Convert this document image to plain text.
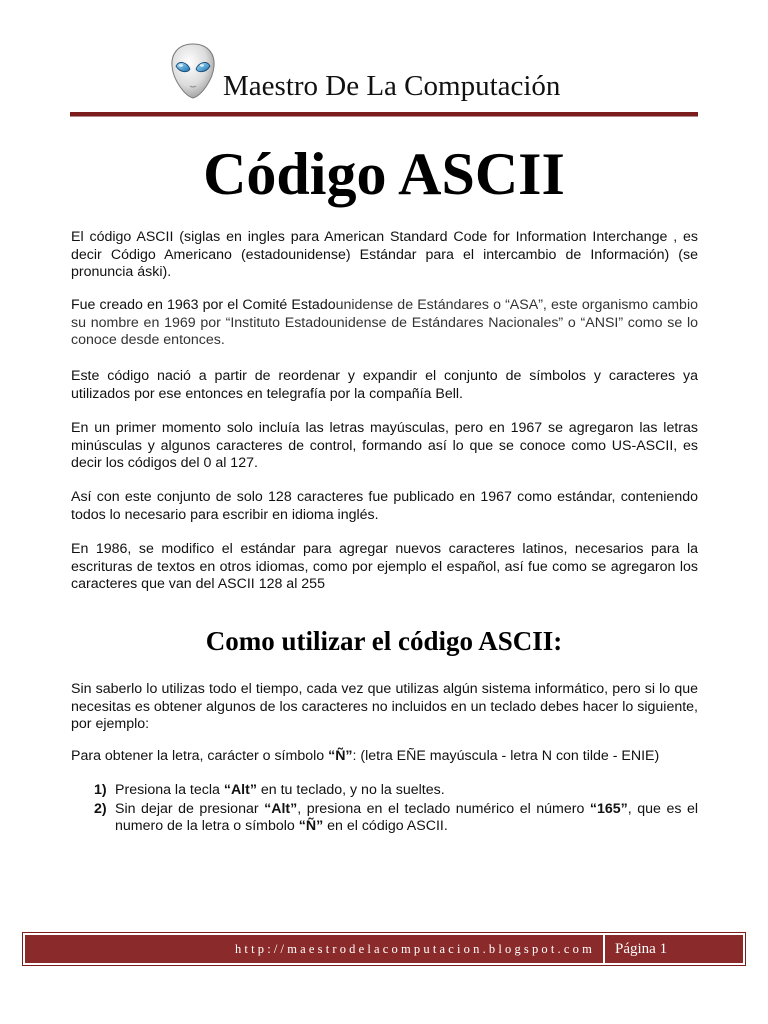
Maestro De La Computación
Código ASCII

El código ASCII (siglas en ingles para American Standard Code for Information Interchange , es decir Código Americano (estadounidense) Estándar para el intercambio de Información) (se pronuncia áski).

Fue creado en 1963 por el Comité Estadounidense de Estándares o “ASA”, este organismo cambio su nombre en 1969 por “Instituto Estadounidense de Estándares Nacionales” o “ANSI” como se lo conoce desde entonces.

Este código nació a partir de reordenar y expandir el conjunto de símbolos y caracteres ya utilizados por ese entonces en telegrafía por la compañía Bell.

En un primer momento solo incluía las letras mayúsculas, pero en 1967 se agregaron las letras minúsculas y algunos caracteres de control, formando así lo que se conoce como US-ASCII, es decir los códigos del 0 al 127.

Así con este conjunto de solo 128 caracteres fue publicado en 1967 como estándar, conteniendo todos lo necesario para escribir en idioma inglés.

En 1986, se modifico el estándar para agregar nuevos caracteres latinos, necesarios para la escrituras de textos en otros idiomas, como por ejemplo el español, así fue como se agregaron los caracteres que van del ASCII 128 al 255

Como utilizar el código ASCII:

Sin saberlo lo utilizas todo el tiempo, cada vez que utilizas algún sistema informático, pero si lo que necesitas es obtener algunos de los caracteres no incluidos en un teclado debes hacer lo siguiente, por ejemplo:

Para obtener la letra, carácter o símbolo “Ñ”: (letra EÑE mayúscula - letra N con tilde - ENIE)

1) Presiona la tecla “Alt” en tu teclado, y no la sueltes.
2) Sin dejar de presionar “Alt”, presiona en el teclado numérico el número “165”, que es el numero de la letra o símbolo “Ñ” en el código ASCII.
http://maestrodelacomputacion.blogspot.com	Página 1
